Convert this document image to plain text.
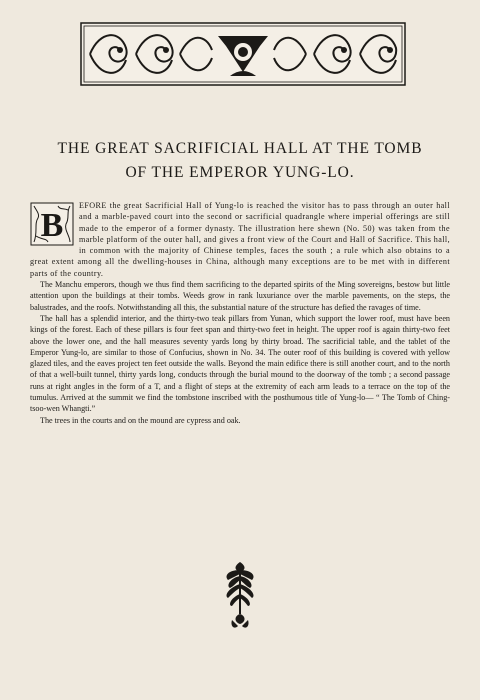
THE GREAT SACRIFICIAL HALL AT THE TOMB
OF THE EMPEROR YUNG-LO.

B
EFORE the great Sacrificial Hall of Yung-lo is reached the visitor has to pass through an outer hall and a marble-paved court into the second or sacrificial quadrangle where imperial offerings are still made to the emperor of a former dynasty. The illustration here shewn (No. 50) was taken from the marble platform of the outer hall, and gives a front view of the Court and Hall of Sacrifice. This hall, in common with the majority of Chinese temples, faces the south ; a rule which also obtains to a great extent among all the dwelling-houses in China, although many exceptions are to be met with in different parts of the country.

The Manchu emperors, though we thus find them sacrificing to the departed spirits of the Ming sovereigns, bestow but little attention upon the buildings at their tombs. Weeds grow in rank luxuriance over the marble pavements, on the steps, the balustrades, and the roofs. Notwithstanding all this, the substantial nature of the structure has defied the ravages of time.

The hall has a splendid interior, and the thirty-two teak pillars from Yunan, which support the lower roof, must have been kings of the forest. Each of these pillars is four feet span and thirty-two feet in height. The upper roof is again thirty-two feet above the lower one, and the hall measures seventy yards long by thirty broad. The sacrificial table, and the tablet of the Emperor Yung-lo, are similar to those of Confucius, shown in No. 34. The outer roof of this building is covered with yellow glazed tiles, and the eaves project ten feet outside the walls. Beyond the main edifice there is still another court, and to the north of that a well-built tunnel, thirty yards long, conducts through the burial mound to the doorway of the tomb ; a second passage runs at right angles in the form of a T, and a flight of steps at the extremity of each arm leads to a terrace on the top of the tumulus. Arrived at the summit we find the tombstone inscribed with the posthumous title of Yung-lo— “ The Tomb of Ching-tsoo-wen Whangti.”

The trees in the courts and on the mound are cypress and oak.
